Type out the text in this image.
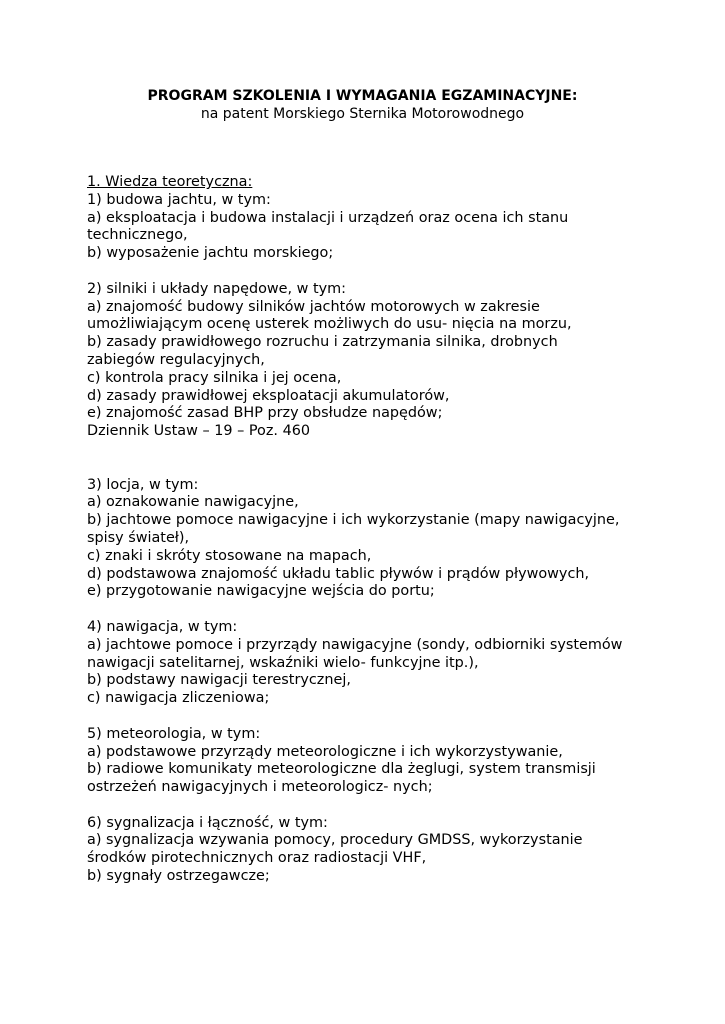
PROGRAM SZKOLENIA I WYMAGANIA EGZAMINACYJNE:
na patent Morskiego Sternika Motorowodnego
1. Wiedza teoretyczna:
1) budowa jachtu, w tym:
a) eksploatacja i budowa instalacji i urządzeń oraz ocena ich stanu
technicznego,
b) wyposażenie jachtu morskiego;
2) silniki i układy napędowe, w tym:
a) znajomość budowy silników jachtów motorowych w zakresie
umożliwiającym ocenę usterek możliwych do usu- nięcia na morzu,
b) zasady prawidłowego rozruchu i zatrzymania silnika, drobnych
zabiegów regulacyjnych,
c) kontrola pracy silnika i jej ocena,
d) zasady prawidłowej eksploatacji akumulatorów,
e) znajomość zasad BHP przy obsłudze napędów;
Dziennik Ustaw – 19 – Poz. 460
3) locja, w tym:
a) oznakowanie nawigacyjne,
b) jachtowe pomoce nawigacyjne i ich wykorzystanie (mapy nawigacyjne,
spisy świateł),
c) znaki i skróty stosowane na mapach,
d) podstawowa znajomość układu tablic pływów i prądów pływowych,
e) przygotowanie nawigacyjne wejścia do portu;
4) nawigacja, w tym:
a) jachtowe pomoce i przyrządy nawigacyjne (sondy, odbiorniki systemów
nawigacji satelitarnej, wskaźniki wielo- funkcyjne itp.),
b) podstawy nawigacji terestrycznej,
c) nawigacja zliczeniowa;
5) meteorologia, w tym:
a) podstawowe przyrządy meteorologiczne i ich wykorzystywanie,
b) radiowe komunikaty meteorologiczne dla żeglugi, system transmisji
ostrzeżeń nawigacyjnych i meteorologicz- nych;
6) sygnalizacja i łączność, w tym:
a) sygnalizacja wzywania pomocy, procedury GMDSS, wykorzystanie
środków pirotechnicznych oraz radiostacji VHF,
b) sygnały ostrzegawcze;
